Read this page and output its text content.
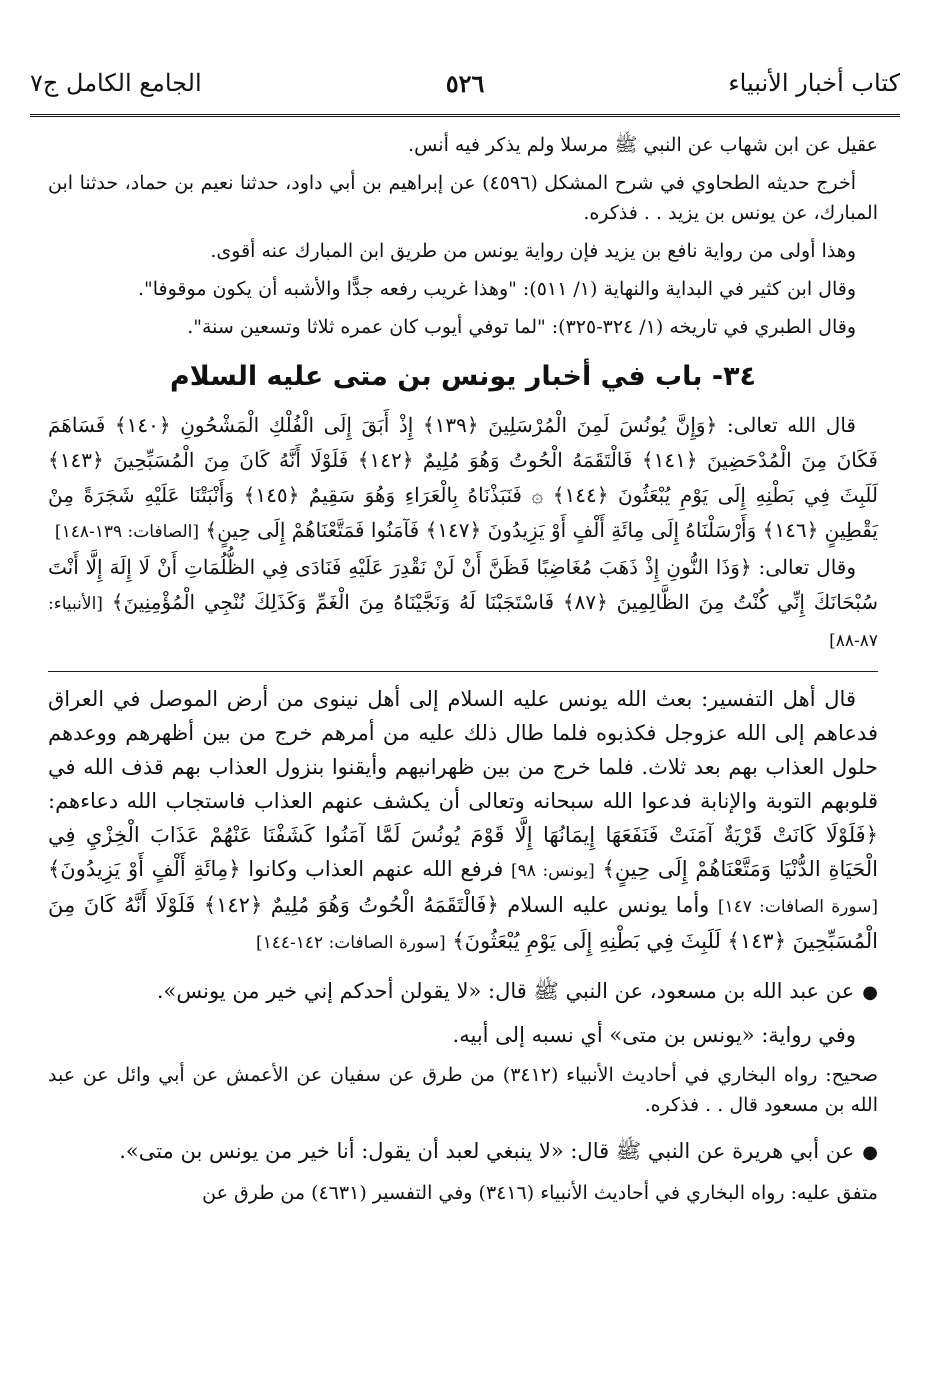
كتاب أخبار الأنبياء
٥٢٦
الجامع الكامل ج٧

عقيل عن ابن شهاب عن النبي ﷺ مرسلا ولم يذكر فيه أنس.

أخرج حديثه الطحاوي في شرح المشكل (٤٥٩٦) عن إبراهيم بن أبي داود، حدثنا نعيم بن حماد، حدثنا ابن المبارك، عن يونس بن يزيد . . فذكره.

وهذا أولى من رواية نافع بن يزيد فإن رواية يونس من طريق ابن المبارك عنه أقوى.

وقال ابن كثير في البداية والنهاية (١/ ٥١١): "وهذا غريب رفعه جدًّا والأشبه أن يكون موقوفا".

وقال الطبري في تاريخه (١/ ٣٢٤-٣٢٥): "لما توفي أيوب كان عمره ثلاثا وتسعين سنة".

٣٤- باب في أخبار يونس بن متى عليه السلام

قال الله تعالى: ﴿وَإِنَّ يُونُسَ لَمِنَ الْمُرْسَلِينَ ﴿١٣٩﴾ إِذْ أَبَقَ إِلَى الْفُلْكِ الْمَشْحُونِ ﴿١٤٠﴾ فَسَاهَمَ فَكَانَ مِنَ الْمُدْحَضِينَ ﴿١٤١﴾ فَالْتَقَمَهُ الْحُوتُ وَهُوَ مُلِيمٌ ﴿١٤٢﴾ فَلَوْلَا أَنَّهُ كَانَ مِنَ الْمُسَبِّحِينَ ﴿١٤٣﴾ لَلَبِثَ فِي بَطْنِهِ إِلَى يَوْمِ يُبْعَثُونَ ﴿١٤٤﴾ ۞ فَنَبَذْنَاهُ بِالْعَرَاءِ وَهُوَ سَقِيمٌ ﴿١٤٥﴾ وَأَنْبَتْنَا عَلَيْهِ شَجَرَةً مِنْ يَقْطِينٍ ﴿١٤٦﴾ وَأَرْسَلْنَاهُ إِلَى مِائَةِ أَلْفٍ أَوْ يَزِيدُونَ ﴿١٤٧﴾ فَآمَنُوا فَمَتَّعْنَاهُمْ إِلَى حِينٍ﴾ [الصافات: ١٣٩-١٤٨]

وقال تعالى: ﴿وَذَا النُّونِ إِذْ ذَهَبَ مُغَاضِبًا فَظَنَّ أَنْ لَنْ نَقْدِرَ عَلَيْهِ فَنَادَى فِي الظُّلُمَاتِ أَنْ لَا إِلَهَ إِلَّا أَنْتَ سُبْحَانَكَ إِنِّي كُنْتُ مِنَ الظَّالِمِينَ ﴿٨٧﴾ فَاسْتَجَبْنَا لَهُ وَنَجَّيْنَاهُ مِنَ الْغَمِّ وَكَذَلِكَ نُنْجِي الْمُؤْمِنِينَ﴾ [الأنبياء: ٨٧-٨٨]

قال أهل التفسير: بعث الله يونس عليه السلام إلى أهل نينوى من أرض الموصل في العراق فدعاهم إلى الله عزوجل فكذبوه فلما طال ذلك عليه من أمرهم خرج من بين أظهرهم ووعدهم حلول العذاب بهم بعد ثلاث. فلما خرج من بين ظهرانيهم وأيقنوا بنزول العذاب بهم قذف الله في قلوبهم التوبة والإنابة فدعوا الله سبحانه وتعالى أن يكشف عنهم العذاب فاستجاب الله دعاءهم: ﴿فَلَوْلَا كَانَتْ قَرْيَةٌ آمَنَتْ فَنَفَعَهَا إِيمَانُهَا إِلَّا قَوْمَ يُونُسَ لَمَّا آمَنُوا كَشَفْنَا عَنْهُمْ عَذَابَ الْخِزْيِ فِي الْحَيَاةِ الدُّنْيَا وَمَتَّعْنَاهُمْ إِلَى حِينٍ﴾ [يونس: ٩٨] فرفع الله عنهم العذاب وكانوا ﴿مِائَةِ أَلْفٍ أَوْ يَزِيدُونَ﴾ [سورة الصافات: ١٤٧] وأما يونس عليه السلام ﴿فَالْتَقَمَهُ الْحُوتُ وَهُوَ مُلِيمٌ ﴿١٤٢﴾ فَلَوْلَا أَنَّهُ كَانَ مِنَ الْمُسَبِّحِينَ ﴿١٤٣﴾ لَلَبِثَ فِي بَطْنِهِ إِلَى يَوْمِ يُبْعَثُونَ﴾ [سورة الصافات: ١٤٢-١٤٤]

●عن عبد الله بن مسعود، عن النبي ﷺ قال: «لا يقولن أحدكم إني خير من يونس».

وفي رواية: «يونس بن متى» أي نسبه إلى أبيه.

صحيح: رواه البخاري في أحاديث الأنبياء (٣٤١٢) من طرق عن سفيان عن الأعمش عن أبي وائل عن عبد الله بن مسعود قال . . فذكره.

●عن أبي هريرة عن النبي ﷺ قال: «لا ينبغي لعبد أن يقول: أنا خير من يونس بن متى».

متفق عليه: رواه البخاري في أحاديث الأنبياء (٣٤١٦) وفي التفسير (٤٦٣١) من طرق عن
